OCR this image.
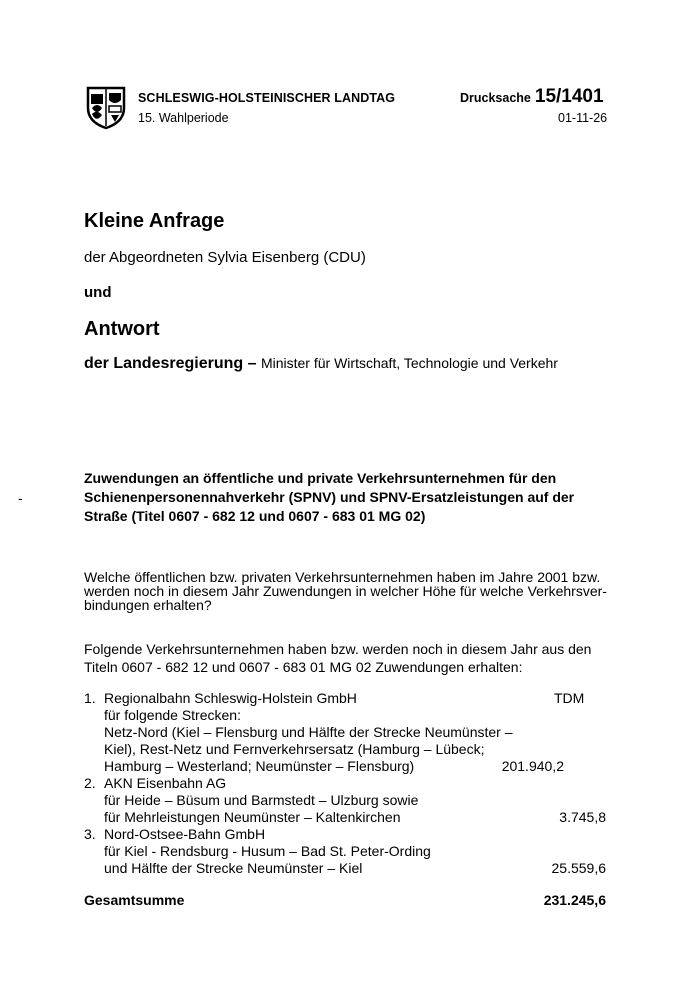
SCHLESWIG-HOLSTEINISCHER LANDTAG
15. Wahlperiode
Drucksache 15/1401
01-11-26
Kleine Anfrage
der Abgeordneten Sylvia Eisenberg (CDU)
und
Antwort
der Landesregierung – Minister für Wirtschaft, Technologie und Verkehr
-
Zuwendungen an öffentliche und private Verkehrsunternehmen für den
Schienenpersonennahverkehr (SPNV) und SPNV-Ersatzleistungen auf der
Straße (Titel 0607 - 682 12 und 0607 - 683 01 MG 02)
Welche öffentlichen bzw. privaten Verkehrsunternehmen haben im Jahre 2001 bzw.
werden noch in diesem Jahr Zuwendungen in welcher Höhe für welche Verkehrsver-
bindungen erhalten?
Folgende Verkehrsunternehmen haben bzw. werden noch in diesem Jahr aus den
Titeln 0607 - 682 12 und 0607 - 683 01 MG 02 Zuwendungen erhalten:
1. Regionalbahn Schleswig-Holstein GmbH	TDM
für folgende Strecken:
Netz-Nord (Kiel – Flensburg und Hälfte der Strecke Neumünster –
Kiel), Rest-Netz und Fernverkehrsersatz (Hamburg – Lübeck;
Hamburg – Westerland; Neumünster – Flensburg)	201.940,2
2. AKN Eisenbahn AG
für Heide – Büsum und Barmstedt – Ulzburg sowie
für Mehrleistungen Neumünster – Kaltenkirchen	3.745,8
3. Nord-Ostsee-Bahn GmbH
für Kiel - Rendsburg - Husum – Bad St. Peter-Ording
und Hälfte der Strecke Neumünster – Kiel	25.559,6
Gesamtsumme	231.245,6
